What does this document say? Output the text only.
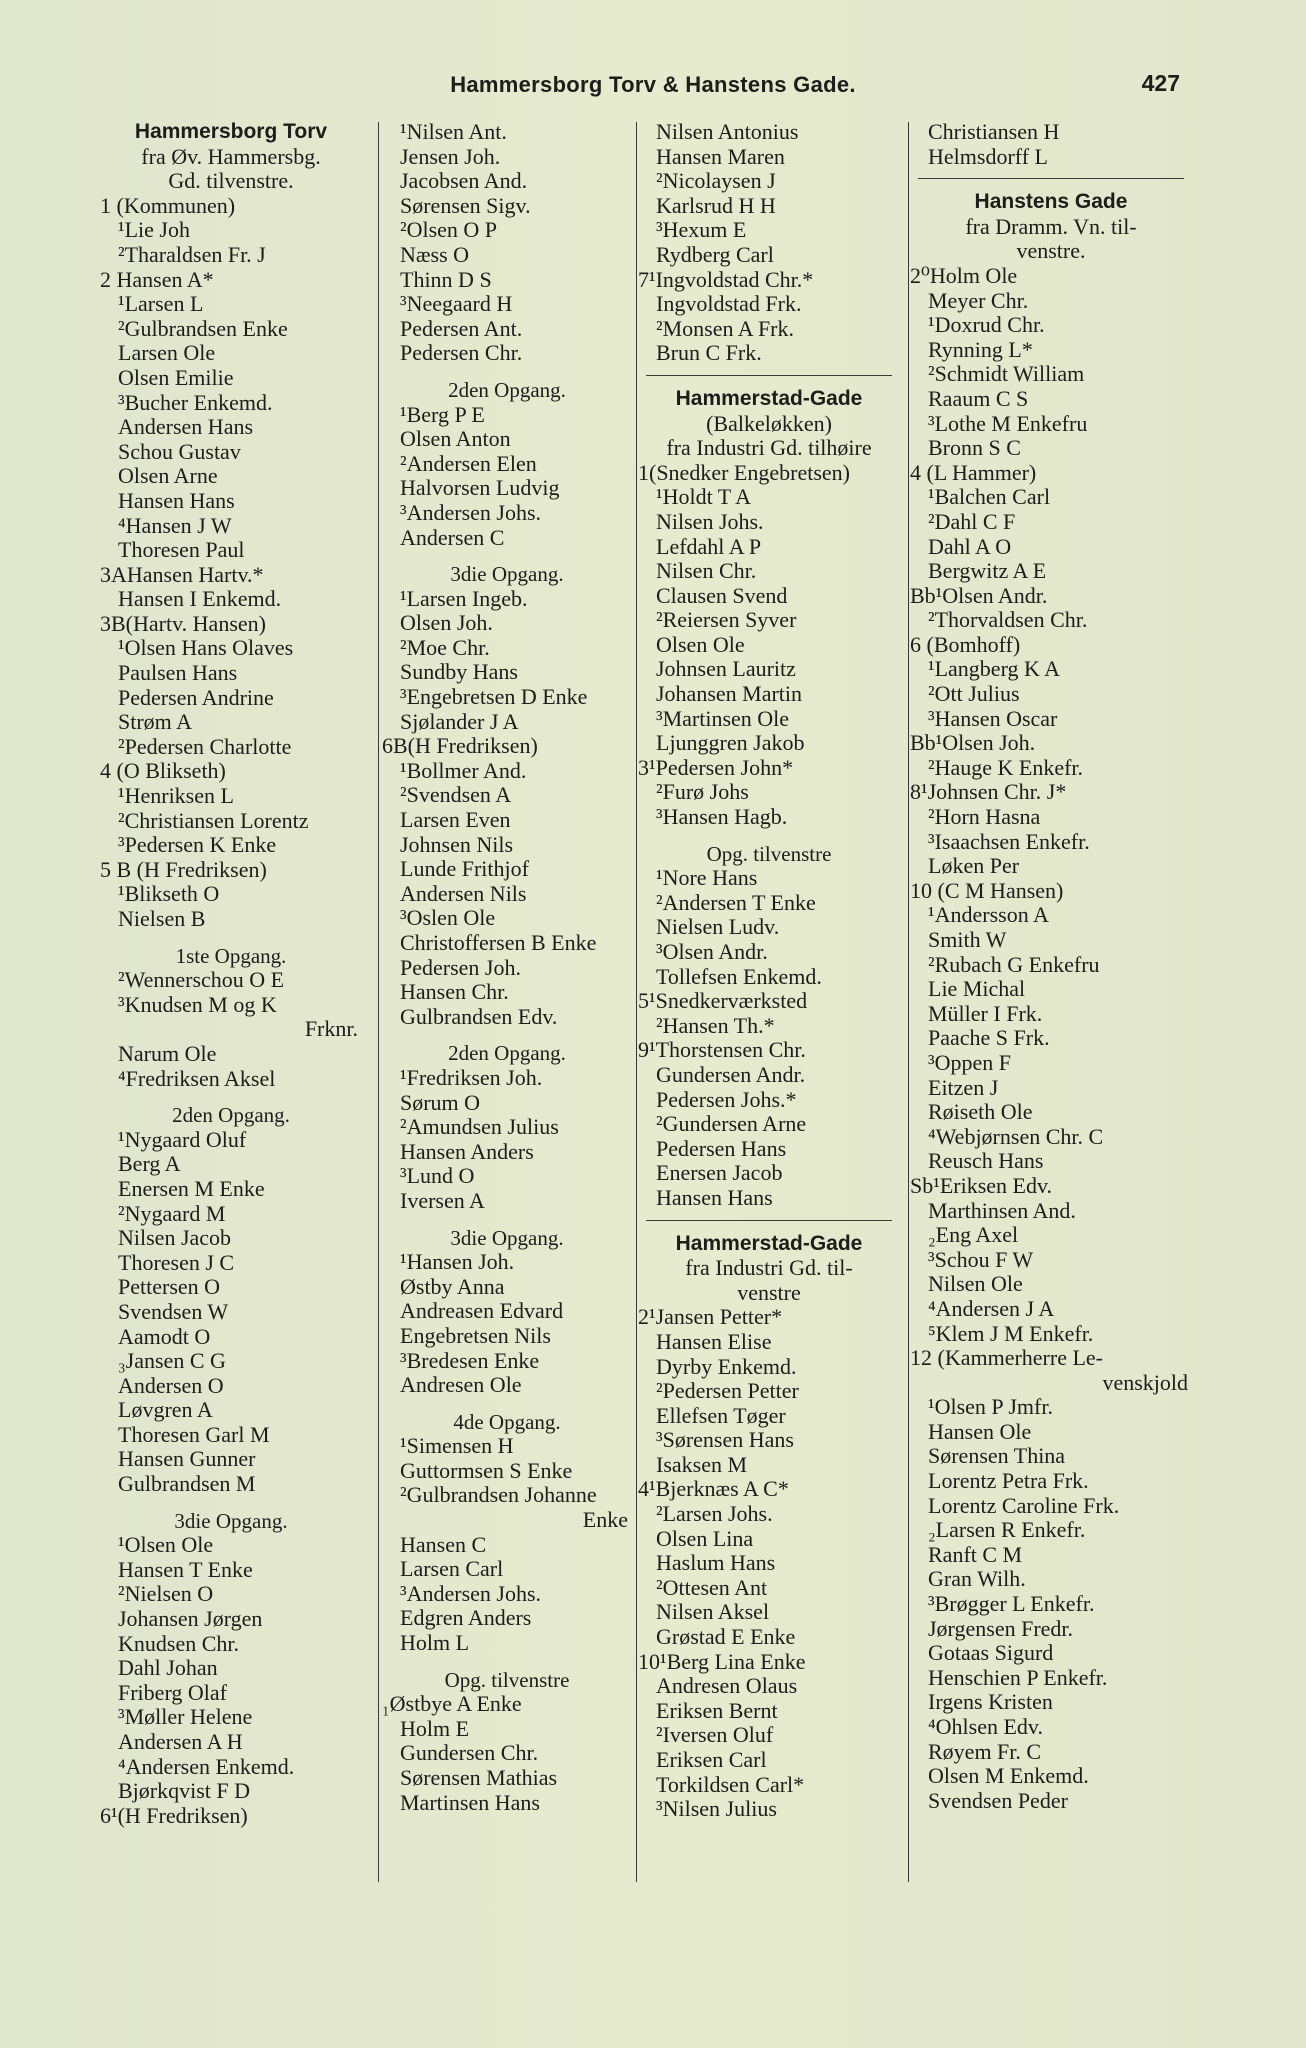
Hammersborg Torv & Hanstens Gade.	427
Hammersborg Torv
fra Øv. Hammersbg.
Gd. tilvenstre.
1 (Kommunen)
¹Lie Joh
²Tharaldsen Fr. J
2 Hansen A*
¹Larsen L
²Gulbrandsen Enke
Larsen Ole
Olsen Emilie
³Bucher Enkemd.
Andersen Hans
Schou Gustav
Olsen Arne
Hansen Hans
⁴Hansen J W
Thoresen Paul
3AHansen Hartv.*
Hansen I Enkemd.
3B(Hartv. Hansen)
¹Olsen Hans Olaves
Paulsen Hans
Pedersen Andrine
Strøm A
²Pedersen Charlotte
4 (O Blikseth)
¹Henriksen L
²Christiansen Lorentz
³Pedersen K Enke
5 B (H Fredriksen)
¹Blikseth O
Nielsen B
1ste Opgang.
²Wennerschou O E
³Knudsen M og K
Frknr.
Narum Ole
⁴Fredriksen Aksel
2den Opgang.
¹Nygaard Oluf
Berg A
Enersen M Enke
²Nygaard M
Nilsen Jacob
Thoresen J C
Pettersen O
Svendsen W
Aamodt O
₃Jansen C G
Andersen O
Løvgren A
Thoresen Garl M
Hansen Gunner
Gulbrandsen M
3die Opgang.
¹Olsen Ole
Hansen T Enke
²Nielsen O
Johansen Jørgen
Knudsen Chr.
Dahl Johan
Friberg Olaf
³Møller Helene
Andersen A H
⁴Andersen Enkemd.
Bjørkqvist F D
6¹(H Fredriksen)
¹Nilsen Ant.
Jensen Joh.
Jacobsen And.
Sørensen Sigv.
²Olsen O P
Næss O
Thinn D S
³Neegaard H
Pedersen Ant.
Pedersen Chr.
2den Opgang.
¹Berg P E
Olsen Anton
²Andersen Elen
Halvorsen Ludvig
³Andersen Johs.
Andersen C
3die Opgang.
¹Larsen Ingeb.
Olsen Joh.
²Moe Chr.
Sundby Hans
³Engebretsen D Enke
Sjølander J A
6B(H Fredriksen)
¹Bollmer And.
²Svendsen A
Larsen Even
Johnsen Nils
Lunde Frithjof
Andersen Nils
³Oslen Ole
Christoffersen B Enke
Pedersen Joh.
Hansen Chr.
Gulbrandsen Edv.
2den Opgang.
¹Fredriksen Joh.
Sørum O
²Amundsen Julius
Hansen Anders
³Lund O
Iversen A
3die Opgang.
¹Hansen Joh.
Østby Anna
Andreasen Edvard
Engebretsen Nils
³Bredesen Enke
Andresen Ole
4de Opgang.
¹Simensen H
Guttormsen S Enke
²Gulbrandsen Johanne
Enke
Hansen C
Larsen Carl
³Andersen Johs.
Edgren Anders
Holm L
Opg. tilvenstre
₁Østbye A Enke
Holm E
Gundersen Chr.
Sørensen Mathias
Martinsen Hans
Nilsen Antonius
Hansen Maren
²Nicolaysen J
Karlsrud H H
³Hexum E
Rydberg Carl
7¹Ingvoldstad Chr.*
Ingvoldstad Frk.
²Monsen A Frk.
Brun C Frk.
Hammerstad-Gade
(Balkeløkken)
fra Industri Gd. tilhøire
1(Snedker Engebretsen)
¹Holdt T A
Nilsen Johs.
Lefdahl A P
Nilsen Chr.
Clausen Svend
²Reiersen Syver
Olsen Ole
Johnsen Lauritz
Johansen Martin
³Martinsen Ole
Ljunggren Jakob
3¹Pedersen John*
²Furø Johs
³Hansen Hagb.
Opg. tilvenstre
¹Nore Hans
²Andersen T Enke
Nielsen Ludv.
³Olsen Andr.
Tollefsen Enkemd.
5¹Snedkerværksted
²Hansen Th.*
9¹Thorstensen Chr.
Gundersen Andr.
Pedersen Johs.*
²Gundersen Arne
Pedersen Hans
Enersen Jacob
Hansen Hans
Hammerstad-Gade
fra Industri Gd. til-
venstre
2¹Jansen Petter*
Hansen Elise
Dyrby Enkemd.
²Pedersen Petter
Ellefsen Tøger
³Sørensen Hans
Isaksen M
4¹Bjerknæs A C*
²Larsen Johs.
Olsen Lina
Haslum Hans
²Ottesen Ant
Nilsen Aksel
Grøstad E Enke
10¹Berg Lina Enke
Andresen Olaus
Eriksen Bernt
²Iversen Oluf
Eriksen Carl
Torkildsen Carl*
³Nilsen Julius
Christiansen H
Helmsdorff L
Hanstens Gade
fra Dramm. Vn. til-
venstre.
2⁰Holm Ole
Meyer Chr.
¹Doxrud Chr.
Rynning L*
²Schmidt William
Raaum C S
³Lothe M Enkefru
Bronn S C
4 (L Hammer)
¹Balchen Carl
²Dahl C F
Dahl A O
Bergwitz A E
Bb¹Olsen Andr.
²Thorvaldsen Chr.
6 (Bomhoff)
¹Langberg K A
²Ott Julius
³Hansen Oscar
Bb¹Olsen Joh.
²Hauge K Enkefr.
8¹Johnsen Chr. J*
²Horn Hasna
³Isaachsen Enkefr.
Løken Per
10 (C M Hansen)
¹Andersson A
Smith W
²Rubach G Enkefru
Lie Michal
Müller I Frk.
Paache S Frk.
³Oppen F
Eitzen J
Røiseth Ole
⁴Webjørnsen Chr. C
Reusch Hans
Sb¹Eriksen Edv.
Marthinsen And.
₂Eng Axel
³Schou F W
Nilsen Ole
⁴Andersen J A
⁵Klem J M Enkefr.
12 (Kammerherre Le-
venskjold
¹Olsen P Jmfr.
Hansen Ole
Sørensen Thina
Lorentz Petra Frk.
Lorentz Caroline Frk.
₂Larsen R Enkefr.
Ranft C M
Gran Wilh.
³Brøgger L Enkefr.
Jørgensen Fredr.
Gotaas Sigurd
Henschien P Enkefr.
Irgens Kristen
⁴Ohlsen Edv.
Røyem Fr. C
Olsen M Enkemd.
Svendsen Peder
